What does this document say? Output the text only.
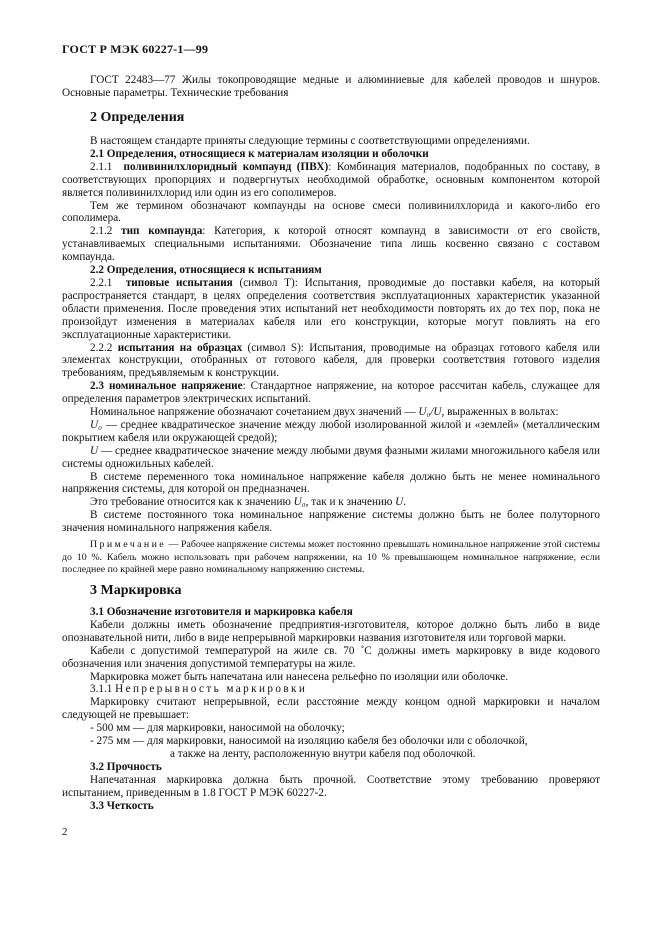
ГОСТ Р МЭК 60227-1—99

ГОСТ 22483—77 Жилы токопроводящие медные и алюминиевые для кабелей проводов и шнуров. Основные параметры. Технические требования

2 Определения

В настоящем стандарте приняты следующие термины с соответствующими определениями.

2.1 Определения, относящиеся к материалам изоляции и оболочки

2.1.1 поливинилхлоридный компаунд (ПВХ): Комбинация материалов, подобранных по составу, в соответствующих пропорциях и подвергнутых необходимой обработке, основным компонентом которой является поливинилхлорид или один из его сополимеров.

Тем же термином обозначают компаунды на основе смеси поливинилхлорида и какого-либо его сополимера.

2.1.2 тип компаунда: Категория, к которой относят компаунд в зависимости от его свойств, устанавливаемых специальными испытаниями. Обозначение типа лишь косвенно связано с составом компаунда.

2.2 Определения, относящиеся к испытаниям

2.2.1 типовые испытания (символ Т): Испытания, проводимые до поставки кабеля, на который распространяется стандарт, в целях определения соответствия эксплуатационных характеристик указанной области применения. После проведения этих испытаний нет необходимости повторять их до тех пор, пока не произойдут изменения в материалах кабеля или его конструкции, которые могут повлиять на его эксплуатационные характеристики.

2.2.2 испытания на образцах (символ S): Испытания, проводимые на образцах готового кабеля или элементах конструкции, отобранных от готового кабеля, для проверки соответствия готового изделия требованиям, предъявляемым к конструкции.

2.3 номинальное напряжение: Стандартное напряжение, на которое рассчитан кабель, служащее для определения параметров электрических испытаний.

Номинальное напряжение обозначают сочетанием двух значений — U₀/U, выраженных в вольтах:

U₀ — среднее квадратическое значение между любой изолированной жилой и «землей» (металлическим покрытием кабеля или окружающей средой);

U — среднее квадратическое значение между любыми двумя фазными жилами многожильного кабеля или системы одножильных кабелей.

В системе переменного тока номинальное напряжение кабеля должно быть не менее номинального напряжения системы, для которой он предназначен.

Это требование относится как к значению U₀, так и к значению U.

В системе постоянного тока номинальное напряжение системы должно быть не более полуторного значения номинального напряжения кабеля.

Примечание — Рабочее напряжение системы может постоянно превышать номинальное напряжение этой системы до 10 %. Кабель можно использовать при рабочем напряжении, на 10 % превышающем номинальное напряжение, если последнее по крайней мере равно номинальному напряжению системы.

3 Маркировка
3.1 Обозначение изготовителя и маркировка кабеля

Кабели должны иметь обозначение предприятия-изготовителя, которое должно быть либо в виде опознавательной нити, либо в виде непрерывной маркировки названия изготовителя или торговой марки.

Кабели с допустимой температурой на жиле св. 70 ˚С должны иметь маркировку в виде кодового обозначения или значения допустимой температуры на жиле.

Маркировка может быть напечатана или нанесена рельефно по изоляции или оболочке.

3.1.1 Непрерывность маркировки

Маркировку считают непрерывной, если расстояние между концом одной маркировки и началом следующей не превышает:

- 500 мм — для маркировки, наносимой на оболочку;

- 275 мм — для маркировки, наносимой на изоляцию кабеля без оболочки или с оболочкой,

а также на ленту, расположенную внутри кабеля под оболочкой.

3.2 Прочность

Напечатанная маркировка должна быть прочной. Соответствие этому требованию проверяют испытанием, приведенным в 1.8 ГОСТ Р МЭК 60227-2.

3.3 Четкость
2
